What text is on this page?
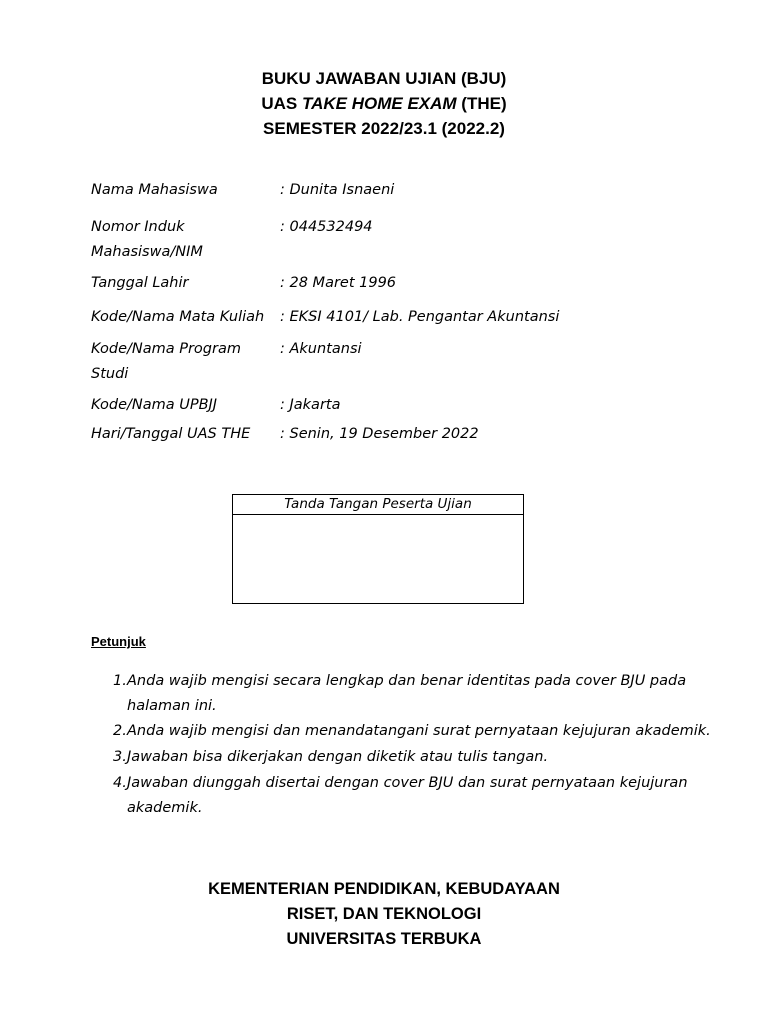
BUKU JAWABAN UJIAN (BJU)
UAS TAKE HOME EXAM (THE)
SEMESTER 2022/23.1 (2022.2)
Nama Mahasiswa	: Dunita Isnaeni
Nomor Induk Mahasiswa/NIM
: 044532494
Tanggal Lahir	: 28 Maret 1996
Kode/Nama Mata Kuliah	: EKSI 4101/ Lab. Pengantar Akuntansi
Kode/Nama Program Studi
: Akuntansi
Kode/Nama UPBJJ	: Jakarta
Hari/Tanggal UAS THE	: Senin, 19 Desember 2022
Tanda Tangan Peserta Ujian
Petunjuk
1. Anda wajib mengisi secara lengkap dan benar identitas pada cover BJU pada halaman ini.
2. Anda wajib mengisi dan menandatangani surat pernyataan kejujuran akademik.
3. Jawaban bisa dikerjakan dengan diketik atau tulis tangan.
4. Jawaban diunggah disertai dengan cover BJU dan surat pernyataan kejujuran akademik.
KEMENTERIAN PENDIDIKAN, KEBUDAYAAN
RISET, DAN TEKNOLOGI
UNIVERSITAS TERBUKA
